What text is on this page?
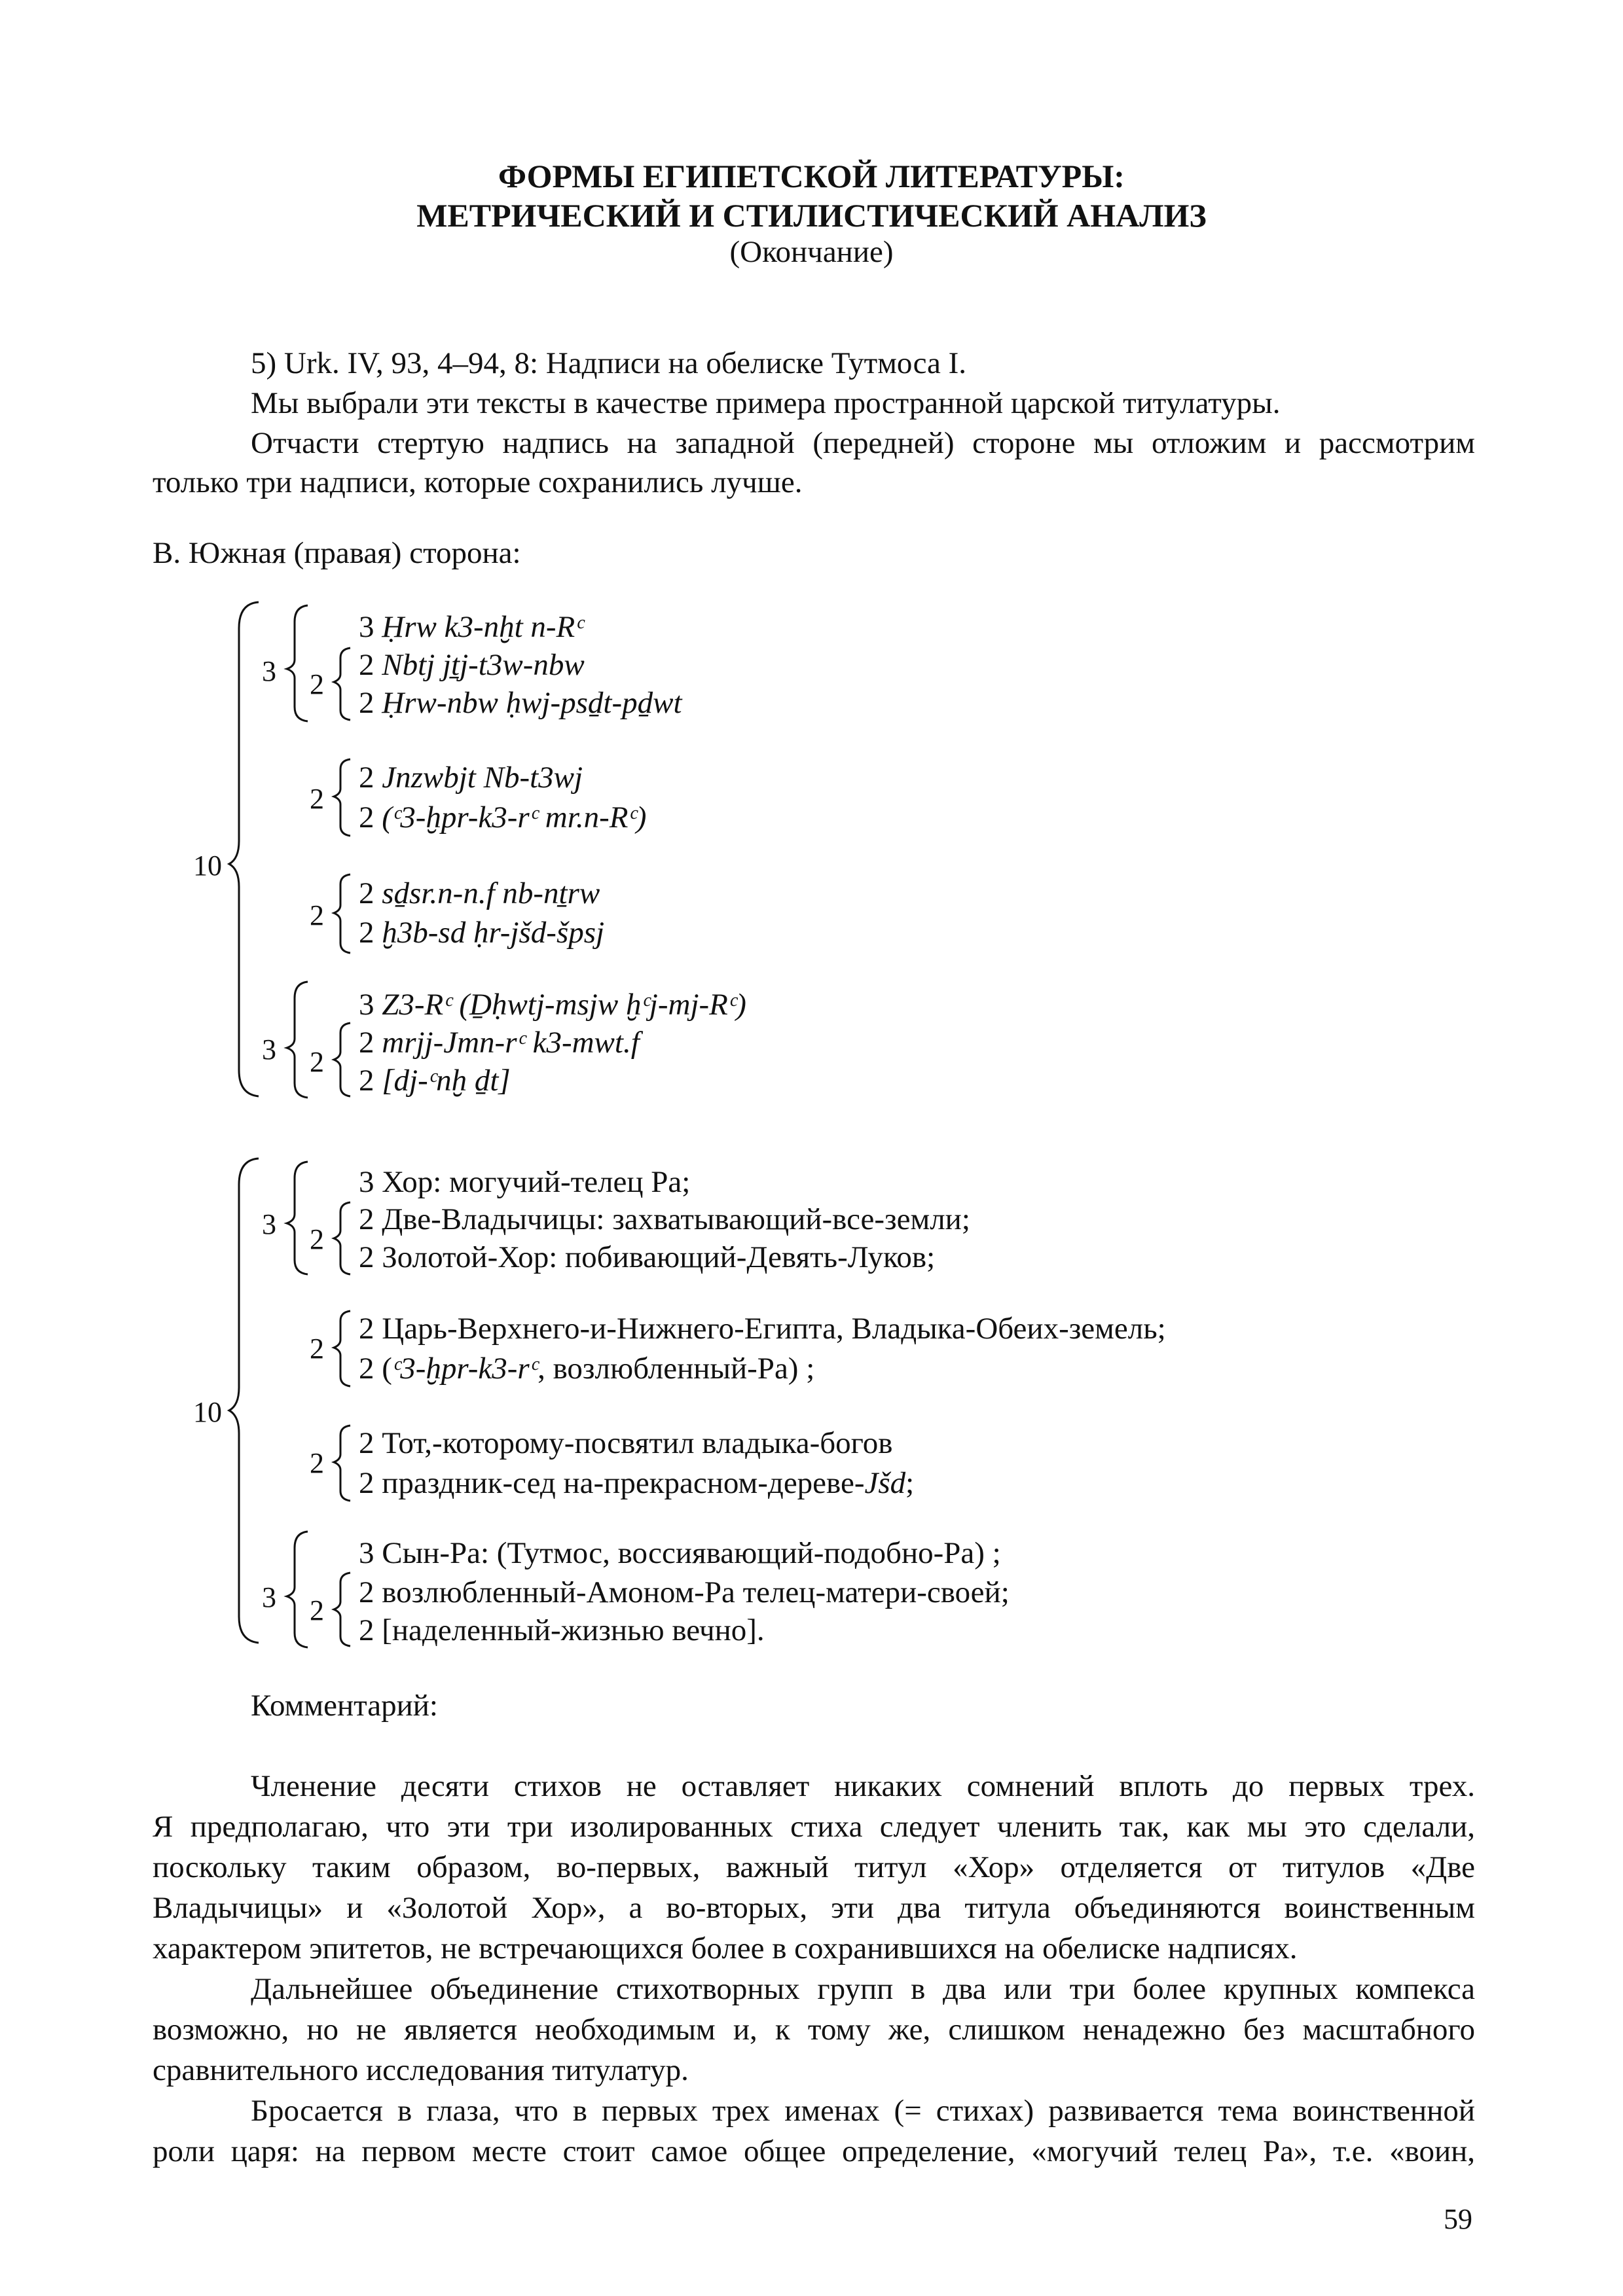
ФОРМЫ ЕГИПЕТСКОЙ ЛИТЕРАТУРЫ:
МЕТРИЧЕСКИЙ И СТИЛИСТИЧЕСКИЙ АНАЛИЗ
(Окончание)
5) Urk. IV, 93, 4–94, 8: Надписи на обелиске Тутмоса I.
Мы выбрали эти тексты в качестве примера пространной царской титулатуры.
Отчасти стертую надпись на западной (передней) стороне мы отложим и рассмотрим
только три надписи, которые сохранились лучше.
B. Южная (правая) сторона:
10
3 2
2
2
3 2
3 Ḥrw k3-nḫt n-Rᶜ
2 Nbtj jṯj-t3w-nbw
2 Ḥrw-nbw ḥwj-psḏt-pḏwt
2 Jnzwbjt Nb-t3wj
2 (ᶜ3-ḫpr-k3-rᶜ mr.n-Rᶜ)
2 sḏsr.n-n.f nb-nṯrw
2 ḫ3b-sd ḥr-jšd-špsj
3 Z3-Rᶜ (Ḏḥwtj-msjw ḫᶜj-mj-Rᶜ)
2 mrjj-Jmn-rᶜ k3-mwt.f
2 [dj-ᶜnḫ ḏt]
10
3 2
2
2
3 2
3 Хор: могучий-телец Ра;
2 Две-Владычицы: захватывающий-все-земли;
2 Золотой-Хор: побивающий-Девять-Луков;
2 Царь-Верхнего-и-Нижнего-Египта, Владыка-Обеих-земель;
2 (ᶜ3-ḫpr-k3-rᶜ, возлюбленный-Ра) ;
2 Тот,-которому-посвятил владыка-богов
2 праздник-сед на-прекрасном-дереве-Jšd;
3 Сын-Ра: (Тутмос, воссиявающий-подобно-Ра) ;
2 возлюбленный-Амоном-Ра телец-матери-своей;
2 [наделенный-жизнью вечно].
Комментарий:
Членение десяти стихов не оставляет никаких сомнений вплоть до первых трех.
Я предполагаю, что эти три изолированных стиха следует членить так, как мы это сделали,
поскольку таким образом, во-первых, важный титул «Хор» отделяется от титулов «Две
Владычицы» и «Золотой Хор», а во-вторых, эти два титула объединяются воинственным
характером эпитетов, не встречающихся более в сохранившихся на обелиске надписях.
Дальнейшее объединение стихотворных групп в два или три более крупных компекса
возможно, но не является необходимым и, к тому же, слишком ненадежно без масштабного
сравнительного исследования титулатур.
Бросается в глаза, что в первых трех именах (= стихах) развивается тема воинственной
роли царя: на первом месте стоит самое общее определение, «могучий телец Ра», т.е. «воин,
59
